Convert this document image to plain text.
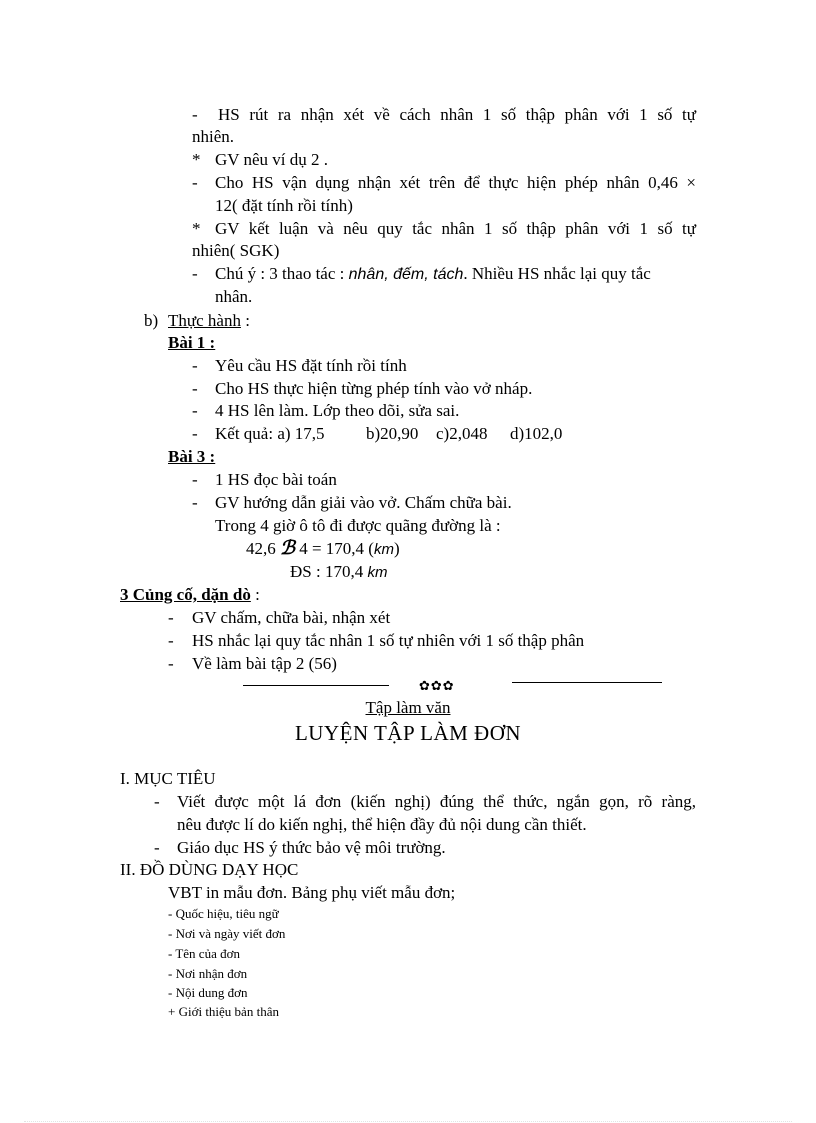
- HS rút ra nhận xét về cách nhân 1 số thập phân với 1 số tự
nhiên.
* GV nêu ví dụ 2 .
- Cho HS vận dụng nhận xét trên để thực hiện phép nhân 0,46 ×
12( đặt tính rồi tính)
* GV kết luận và nêu quy tắc nhân 1 số thập phân với 1 số tự
nhiên( SGK)
- Chú ý : 3 thao tác : nhân, đếm, tách. Nhiều HS nhắc lại quy tắc
nhân.
b) Thực hành :
Bài 1 :
- Yêu cầu HS đặt tính rồi tính
- Cho HS thực hiện từng phép tính vào vở nháp.
- 4 HS lên làm. Lớp theo dõi, sửa sai.
- Kết quả: a) 17,5 b)20,90 c)2,048 d)102,0
Bài 3 :
- 1 HS đọc bài toán
- GV hướng dẫn giải vào vở. Chấm chữa bài.
Trong 4 giờ ô tô đi được quãng đường là :
42,6 ℬ 4 = 170,4 (km)
ĐS : 170,4 km
3 Củng cố, dặn dò :
- GV chấm, chữa bài, nhận xét
- HS nhắc lại quy tắc nhân 1 số tự nhiên với 1 số thập phân
- Về làm bài tập 2 (56)
✿✿✿
Tập làm văn
LUYỆN TẬP LÀM ĐƠN
I. MỤC TIÊU
- Viết được một lá đơn (kiến nghị) đúng thể thức, ngắn gọn, rõ ràng,
nêu được lí do kiến nghị, thể hiện đầy đủ nội dung cần thiết.
- Giáo dục HS ý thức bảo vệ môi trường.
II. ĐỒ DÙNG DẠY HỌC
VBT in mẫu đơn. Bảng phụ viết mẫu đơn;
- Quốc hiệu, tiêu ngữ
- Nơi và ngày viết đơn
- Tên của đơn
- Nơi nhận đơn
- Nội dung đơn
+ Giới thiệu bản thân
